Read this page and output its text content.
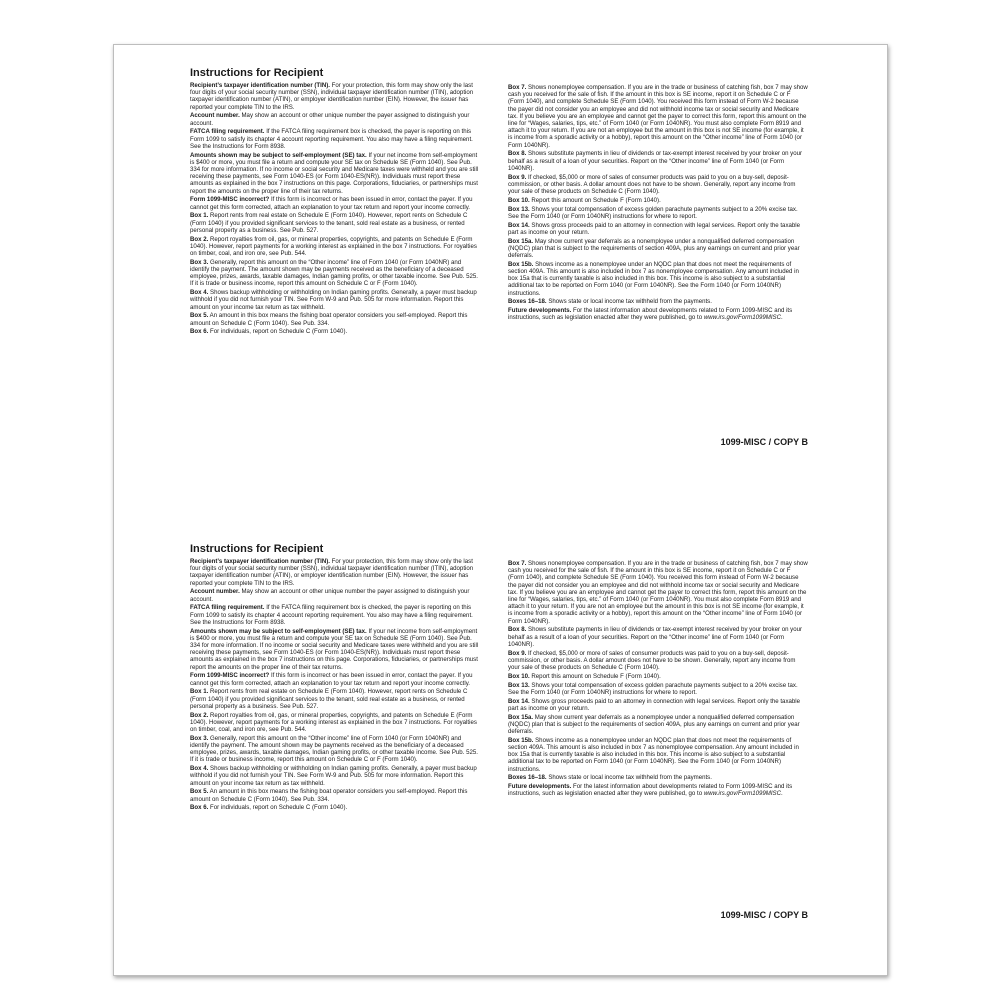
Instructions for Recipient

Recipient’s taxpayer identification number (TIN). For your protection, this form may show only the last four digits of your social security number (SSN), individual taxpayer identification number (ITIN), adoption taxpayer identification number (ATIN), or employer identification number (EIN). However, the issuer has reported your complete TIN to the IRS.

Account number. May show an account or other unique number the payer assigned to distinguish your account.

FATCA filing requirement. If the FATCA filing requirement box is checked, the payer is reporting on this Form 1099 to satisfy its chapter 4 account reporting requirement. You also may have a filing requirement. See the Instructions for Form 8938.

Amounts shown may be subject to self-employment (SE) tax. If your net income from self-employment is $400 or more, you must file a return and compute your SE tax on Schedule SE (Form 1040). See Pub. 334 for more information. If no income or social security and Medicare taxes were withheld and you are still receiving these payments, see Form 1040-ES (or Form 1040-ES(NR)). Individuals must report these amounts as explained in the box 7 instructions on this page. Corporations, fiduciaries, or partnerships must report the amounts on the proper line of their tax returns.

Form 1099-MISC incorrect? If this form is incorrect or has been issued in error, contact the payer. If you cannot get this form corrected, attach an explanation to your tax return and report your income correctly.

Box 1. Report rents from real estate on Schedule E (Form 1040). However, report rents on Schedule C (Form 1040) if you provided significant services to the tenant, sold real estate as a business, or rented personal property as a business. See Pub. 527.

Box 2. Report royalties from oil, gas, or mineral properties, copyrights, and patents on Schedule E (Form 1040). However, report payments for a working interest as explained in the box 7 instructions. For royalties on timber, coal, and iron ore, see Pub. 544.

Box 3. Generally, report this amount on the “Other income” line of Form 1040 (or Form 1040NR) and identify the payment. The amount shown may be payments received as the beneficiary of a deceased employee, prizes, awards, taxable damages, Indian gaming profits, or other taxable income. See Pub. 525. If it is trade or business income, report this amount on Schedule C or F (Form 1040).

Box 4. Shows backup withholding or withholding on Indian gaming profits. Generally, a payer must backup withhold if you did not furnish your TIN. See Form W-9 and Pub. 505 for more information. Report this amount on your income tax return as tax withheld.

Box 5. An amount in this box means the fishing boat operator considers you self-employed. Report this amount on Schedule C (Form 1040). See Pub. 334.

Box 6. For individuals, report on Schedule C (Form 1040).

Box 7. Shows nonemployee compensation. If you are in the trade or business of catching fish, box 7 may show cash you received for the sale of fish. If the amount in this box is SE income, report it on Schedule C or F (Form 1040), and complete Schedule SE (Form 1040). You received this form instead of Form W-2 because the payer did not consider you an employee and did not withhold income tax or social security and Medicare tax. If you believe you are an employee and cannot get the payer to correct this form, report this amount on the line for “Wages, salaries, tips, etc.” of Form 1040 (or Form 1040NR). You must also complete Form 8919 and attach it to your return. If you are not an employee but the amount in this box is not SE income (for example, it is income from a sporadic activity or a hobby), report this amount on the “Other income” line of Form 1040 (or Form 1040NR).

Box 8. Shows substitute payments in lieu of dividends or tax-exempt interest received by your broker on your behalf as a result of a loan of your securities. Report on the “Other income” line of Form 1040 (or Form 1040NR).

Box 9. If checked, $5,000 or more of sales of consumer products was paid to you on a buy-sell, deposit-commission, or other basis. A dollar amount does not have to be shown. Generally, report any income from your sale of these products on Schedule C (Form 1040).

Box 10. Report this amount on Schedule F (Form 1040).

Box 13. Shows your total compensation of excess golden parachute payments subject to a 20% excise tax. See the Form 1040 (or Form 1040NR) instructions for where to report.

Box 14. Shows gross proceeds paid to an attorney in connection with legal services. Report only the taxable part as income on your return.

Box 15a. May show current year deferrals as a nonemployee under a nonqualified deferred compensation (NQDC) plan that is subject to the requirements of section 409A, plus any earnings on current and prior year deferrals.

Box 15b. Shows income as a nonemployee under an NQDC plan that does not meet the requirements of section 409A. This amount is also included in box 7 as nonemployee compensation. Any amount included in box 15a that is currently taxable is also included in this box. This income is also subject to a substantial additional tax to be reported on Form 1040 (or Form 1040NR). See the Form 1040 (or Form 1040NR) instructions.

Boxes 16–18. Shows state or local income tax withheld from the payments.

Future developments. For the latest information about developments related to Form 1099-MISC and its instructions, such as legislation enacted after they were published, go to www.irs.gov/Form1099MISC.

1099-MISC / COPY B
Instructions for Recipient

Recipient’s taxpayer identification number (TIN). For your protection, this form may show only the last four digits of your social security number (SSN), individual taxpayer identification number (ITIN), adoption taxpayer identification number (ATIN), or employer identification number (EIN). However, the issuer has reported your complete TIN to the IRS.

Account number. May show an account or other unique number the payer assigned to distinguish your account.

FATCA filing requirement. If the FATCA filing requirement box is checked, the payer is reporting on this Form 1099 to satisfy its chapter 4 account reporting requirement. You also may have a filing requirement. See the Instructions for Form 8938.

Amounts shown may be subject to self-employment (SE) tax. If your net income from self-employment is $400 or more, you must file a return and compute your SE tax on Schedule SE (Form 1040). See Pub. 334 for more information. If no income or social security and Medicare taxes were withheld and you are still receiving these payments, see Form 1040-ES (or Form 1040-ES(NR)). Individuals must report these amounts as explained in the box 7 instructions on this page. Corporations, fiduciaries, or partnerships must report the amounts on the proper line of their tax returns.

Form 1099-MISC incorrect? If this form is incorrect or has been issued in error, contact the payer. If you cannot get this form corrected, attach an explanation to your tax return and report your income correctly.

Box 1. Report rents from real estate on Schedule E (Form 1040). However, report rents on Schedule C (Form 1040) if you provided significant services to the tenant, sold real estate as a business, or rented personal property as a business. See Pub. 527.

Box 2. Report royalties from oil, gas, or mineral properties, copyrights, and patents on Schedule E (Form 1040). However, report payments for a working interest as explained in the box 7 instructions. For royalties on timber, coal, and iron ore, see Pub. 544.

Box 3. Generally, report this amount on the “Other income” line of Form 1040 (or Form 1040NR) and identify the payment. The amount shown may be payments received as the beneficiary of a deceased employee, prizes, awards, taxable damages, Indian gaming profits, or other taxable income. See Pub. 525. If it is trade or business income, report this amount on Schedule C or F (Form 1040).

Box 4. Shows backup withholding or withholding on Indian gaming profits. Generally, a payer must backup withhold if you did not furnish your TIN. See Form W-9 and Pub. 505 for more information. Report this amount on your income tax return as tax withheld.

Box 5. An amount in this box means the fishing boat operator considers you self-employed. Report this amount on Schedule C (Form 1040). See Pub. 334.

Box 6. For individuals, report on Schedule C (Form 1040).

Box 7. Shows nonemployee compensation. If you are in the trade or business of catching fish, box 7 may show cash you received for the sale of fish. If the amount in this box is SE income, report it on Schedule C or F (Form 1040), and complete Schedule SE (Form 1040). You received this form instead of Form W-2 because the payer did not consider you an employee and did not withhold income tax or social security and Medicare tax. If you believe you are an employee and cannot get the payer to correct this form, report this amount on the line for “Wages, salaries, tips, etc.” of Form 1040 (or Form 1040NR). You must also complete Form 8919 and attach it to your return. If you are not an employee but the amount in this box is not SE income (for example, it is income from a sporadic activity or a hobby), report this amount on the “Other income” line of Form 1040 (or Form 1040NR).

Box 8. Shows substitute payments in lieu of dividends or tax-exempt interest received by your broker on your behalf as a result of a loan of your securities. Report on the “Other income” line of Form 1040 (or Form 1040NR).

Box 9. If checked, $5,000 or more of sales of consumer products was paid to you on a buy-sell, deposit-commission, or other basis. A dollar amount does not have to be shown. Generally, report any income from your sale of these products on Schedule C (Form 1040).

Box 10. Report this amount on Schedule F (Form 1040).

Box 13. Shows your total compensation of excess golden parachute payments subject to a 20% excise tax. See the Form 1040 (or Form 1040NR) instructions for where to report.

Box 14. Shows gross proceeds paid to an attorney in connection with legal services. Report only the taxable part as income on your return.

Box 15a. May show current year deferrals as a nonemployee under a nonqualified deferred compensation (NQDC) plan that is subject to the requirements of section 409A, plus any earnings on current and prior year deferrals.

Box 15b. Shows income as a nonemployee under an NQDC plan that does not meet the requirements of section 409A. This amount is also included in box 7 as nonemployee compensation. Any amount included in box 15a that is currently taxable is also included in this box. This income is also subject to a substantial additional tax to be reported on Form 1040 (or Form 1040NR). See the Form 1040 (or Form 1040NR) instructions.

Boxes 16–18. Shows state or local income tax withheld from the payments.

Future developments. For the latest information about developments related to Form 1099-MISC and its instructions, such as legislation enacted after they were published, go to www.irs.gov/Form1099MISC.

1099-MISC / COPY B
